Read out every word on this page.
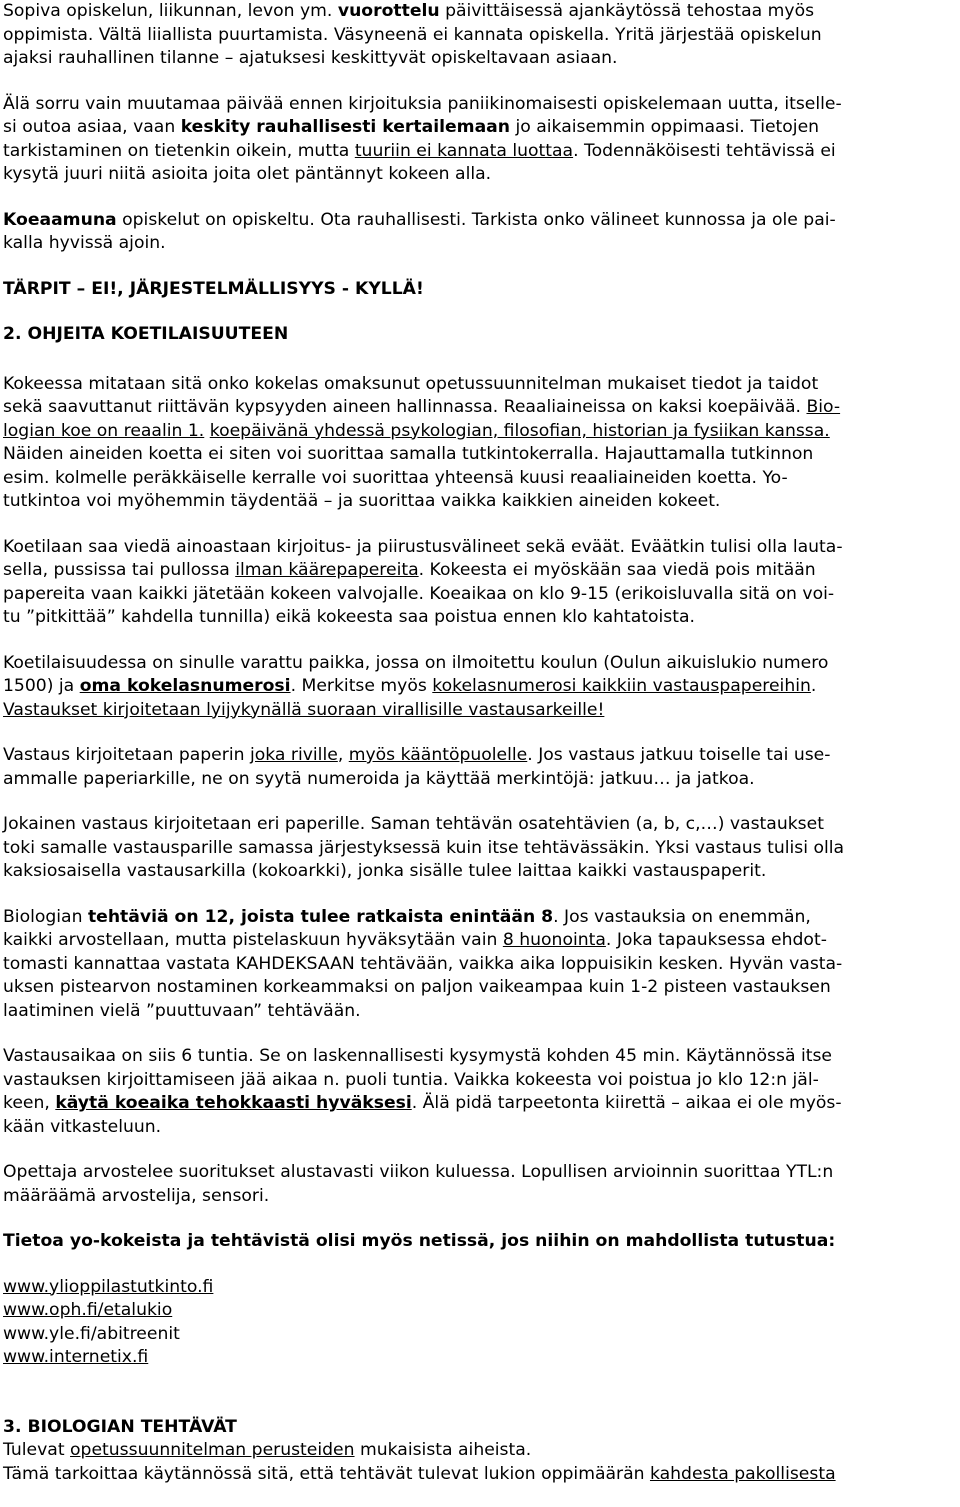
Sopiva opiskelun, liikunnan, levon ym. vuorottelu päivittäisessä ajankäytössä tehostaa myös
oppimista. Vältä liiallista puurtamista. Väsyneenä ei kannata opiskella. Yritä järjestää opiskelun
ajaksi rauhallinen tilanne – ajatuksesi keskittyvät opiskeltavaan asiaan.

Älä sorru vain muutamaa päivää ennen kirjoituksia paniikinomaisesti opiskelemaan uutta, itselle-
si outoa asiaa, vaan keskity rauhallisesti kertailemaan jo aikaisemmin oppimaasi. Tietojen
tarkistaminen on tietenkin oikein, mutta tuuriin ei kannata luottaa. Todennäköisesti tehtävissä ei
kysytä juuri niitä asioita joita olet päntännyt kokeen alla.

Koeaamuna opiskelut on opiskeltu. Ota rauhallisesti. Tarkista onko välineet kunnossa ja ole pai-
kalla hyvissä ajoin.

TÄRPIT – EI!, JÄRJESTELMÄLLISYYS - KYLLÄ!

2. OHJEITA KOETILAISUUTEEN

Kokeessa mitataan sitä onko kokelas omaksunut opetussuunnitelman mukaiset tiedot ja taidot
sekä saavuttanut riittävän kypsyyden aineen hallinnassa. Reaaliaineissa on kaksi koepäivää. Bio-
logian koe on reaalin 1. koepäivänä yhdessä psykologian, filosofian, historian ja fysiikan kanssa.
Näiden aineiden koetta ei siten voi suorittaa samalla tutkintokerralla. Hajauttamalla tutkinnon
esim. kolmelle peräkkäiselle kerralle voi suorittaa yhteensä kuusi reaaliaineiden koetta. Yo-
tutkintoa voi myöhemmin täydentää – ja suorittaa vaikka kaikkien aineiden kokeet.

Koetilaan saa viedä ainoastaan kirjoitus- ja piirustusvälineet sekä eväät. Eväätkin tulisi olla lauta-
sella, pussissa tai pullossa ilman käärepapereita. Kokeesta ei myöskään saa viedä pois mitään
papereita vaan kaikki jätetään kokeen valvojalle. Koeaikaa on klo 9-15 (erikoisluvalla sitä on voi-
tu ”pitkittää” kahdella tunnilla) eikä kokeesta saa poistua ennen klo kahtatoista.

Koetilaisuudessa on sinulle varattu paikka, jossa on ilmoitettu koulun (Oulun aikuislukio numero
1500) ja oma kokelasnumerosi. Merkitse myös kokelasnumerosi kaikkiin vastauspapereihin.
Vastaukset kirjoitetaan lyijykynällä suoraan virallisille vastausarkeille!

Vastaus kirjoitetaan paperin joka riville, myös kääntöpuolelle. Jos vastaus jatkuu toiselle tai use-
ammalle paperiarkille, ne on syytä numeroida ja käyttää merkintöjä: jatkuu… ja jatkoa.

Jokainen vastaus kirjoitetaan eri paperille. Saman tehtävän osatehtävien (a, b, c,…) vastaukset
toki samalle vastausparille samassa järjestyksessä kuin itse tehtävässäkin. Yksi vastaus tulisi olla
kaksiosaisella vastausarkilla (kokoarkki), jonka sisälle tulee laittaa kaikki vastauspaperit.

Biologian tehtäviä on 12, joista tulee ratkaista enintään 8. Jos vastauksia on enemmän,
kaikki arvostellaan, mutta pistelaskuun hyväksytään vain 8 huonointa. Joka tapauksessa ehdot-
tomasti kannattaa vastata KAHDEKSAAN tehtävään, vaikka aika loppuisikin kesken. Hyvän vasta-
uksen pistearvon nostaminen korkeammaksi on paljon vaikeampaa kuin 1-2 pisteen vastauksen
laatiminen vielä ”puuttuvaan” tehtävään.

Vastausaikaa on siis 6 tuntia. Se on laskennallisesti kysymystä kohden 45 min. Käytännössä itse
vastauksen kirjoittamiseen jää aikaa n. puoli tuntia. Vaikka kokeesta voi poistua jo klo 12:n jäl-
keen, käytä koeaika tehokkaasti hyväksesi. Älä pidä tarpeetonta kiirettä – aikaa ei ole myös-
kään vitkasteluun.

Opettaja arvostelee suoritukset alustavasti viikon kuluessa. Lopullisen arvioinnin suorittaa YTL:n
määräämä arvostelija, sensori.

Tietoa yo-kokeista ja tehtävistä olisi myös netissä, jos niihin on mahdollista tutustua:

www.ylioppilastutkinto.fi
www.oph.fi/etalukio
www.yle.fi/abitreenit
www.internetix.fi

3. BIOLOGIAN TEHTÄVÄT

Tulevat opetussuunnitelman perusteiden mukaisista aiheista.
Tämä tarkoittaa käytännössä sitä, että tehtävät tulevat lukion oppimäärän kahdesta pakollisesta
